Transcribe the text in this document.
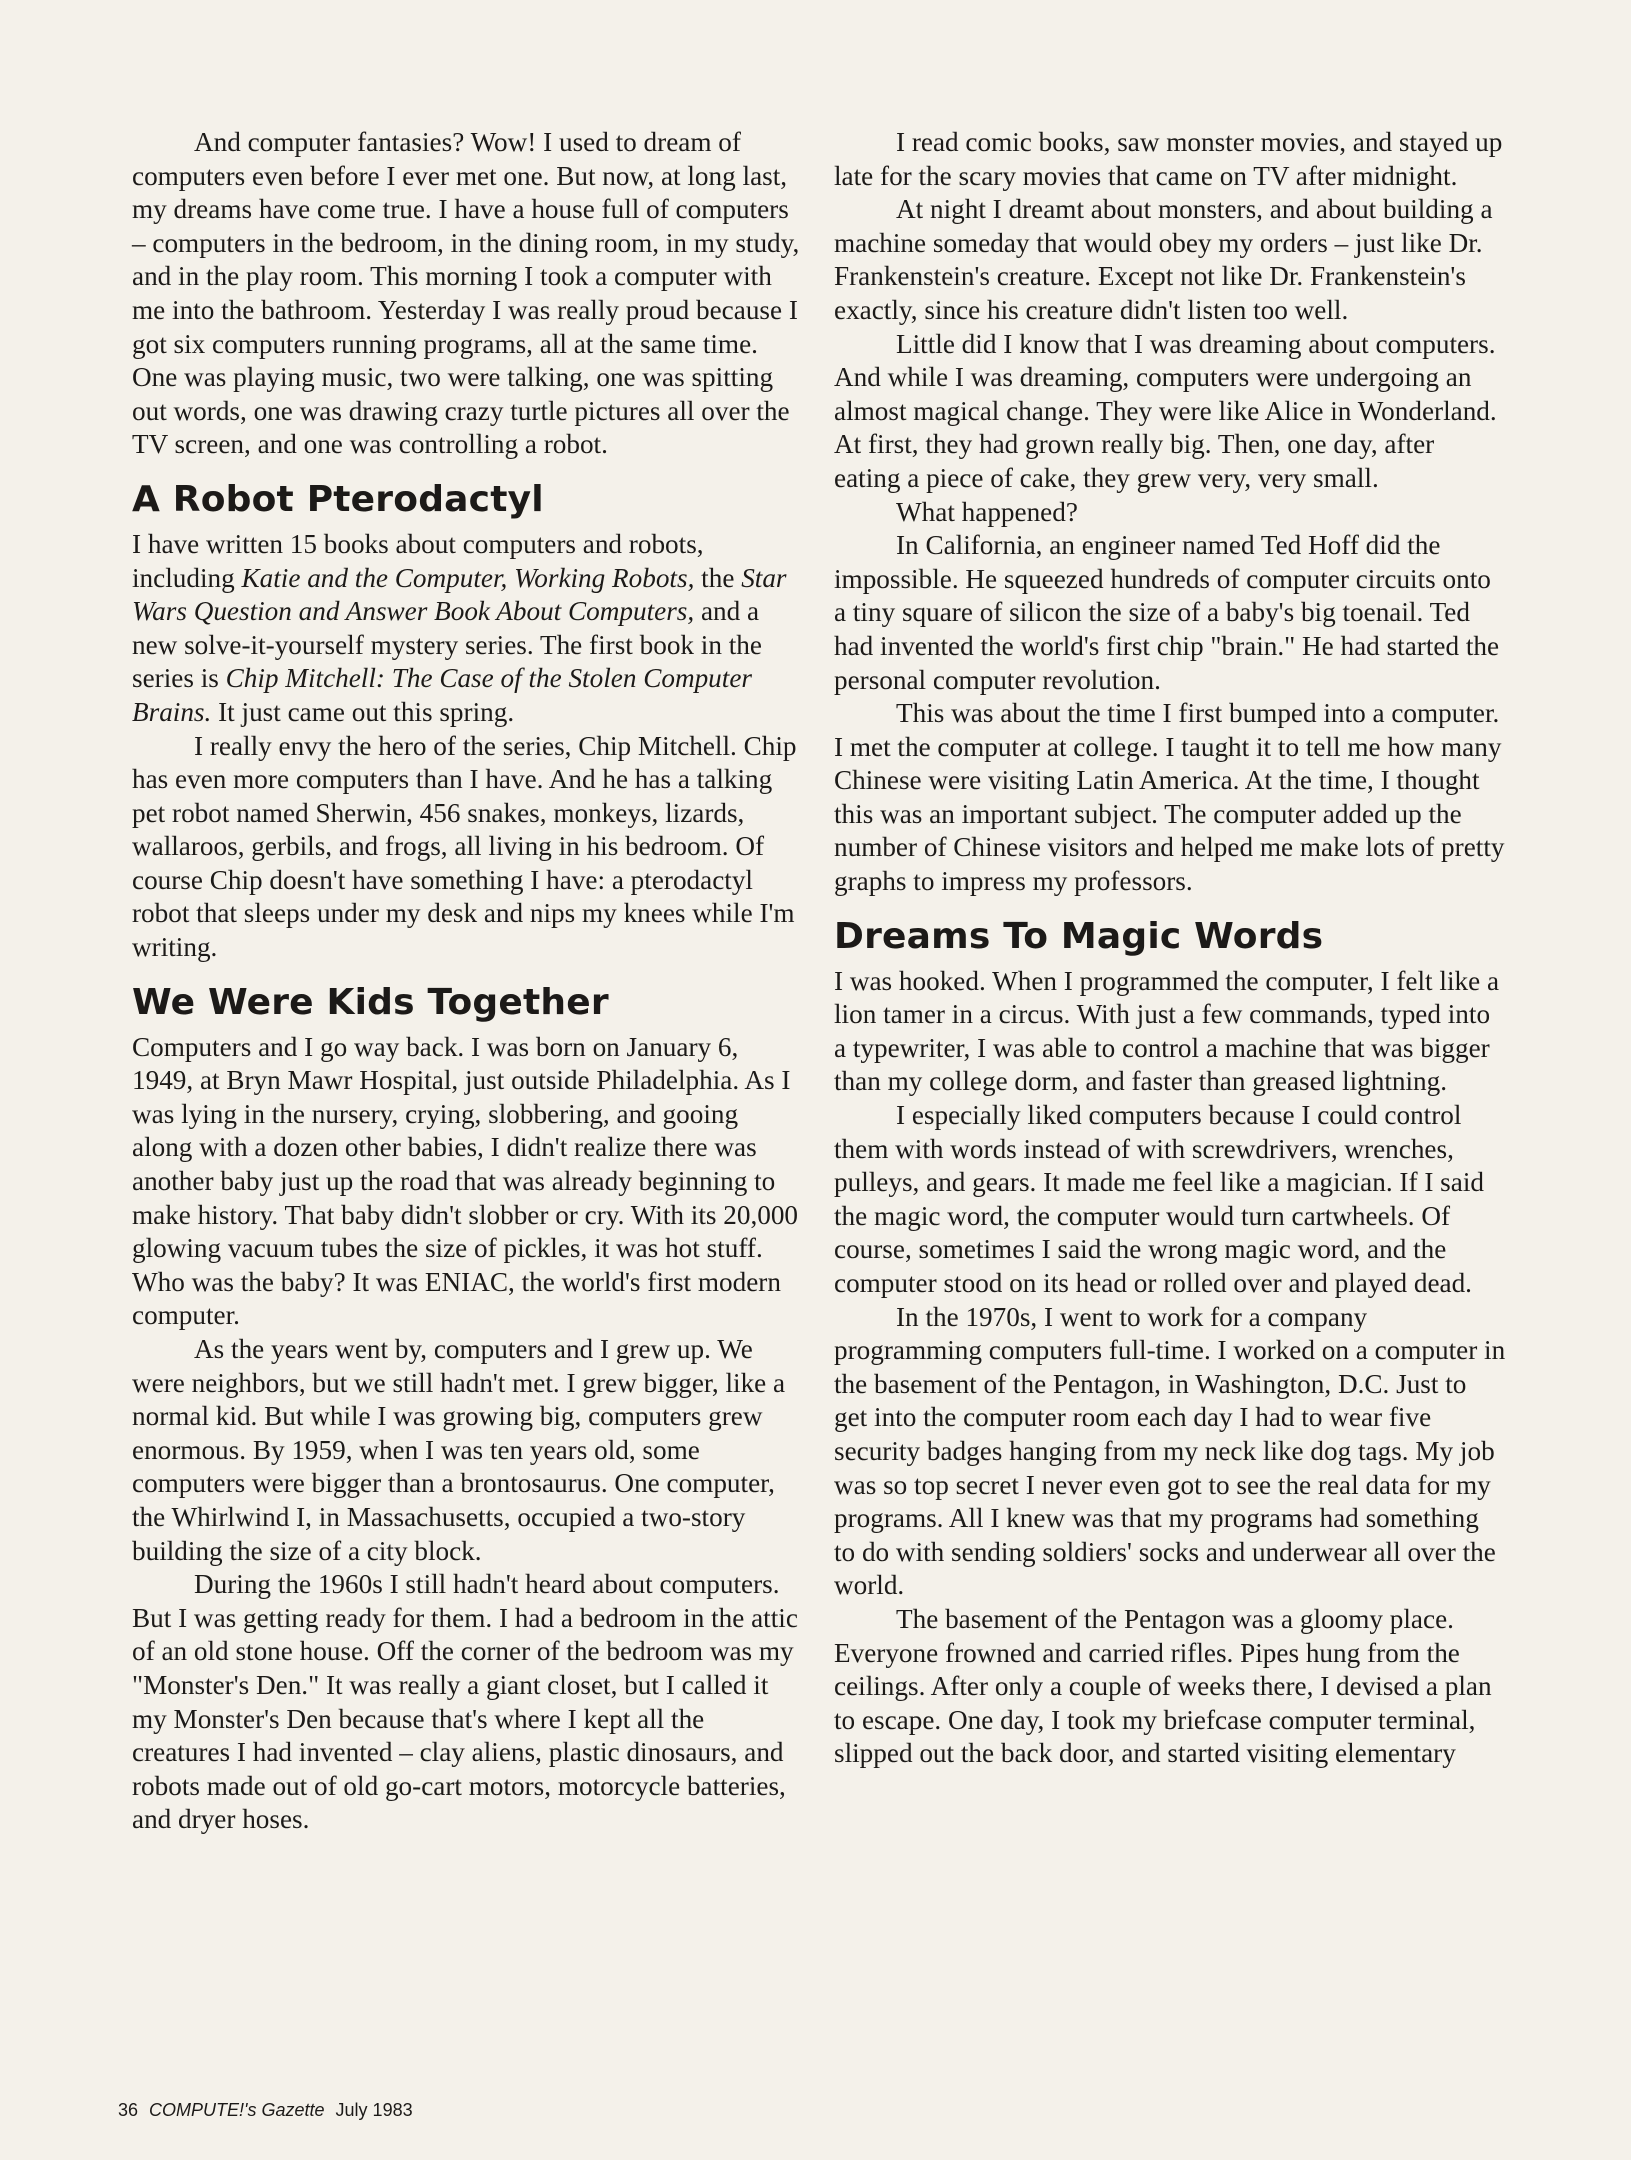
And computer fantasies? Wow! I used to dream of computers even before I ever met one. But now, at long last, my dreams have come true. I have a house full of computers – computers in the bedroom, in the dining room, in my study, and in the play room. This morning I took a computer with me into the bathroom. Yesterday I was really proud because I got six computers running programs, all at the same time. One was playing music, two were talking, one was spitting out words, one was drawing crazy turtle pictures all over the TV screen, and one was controlling a robot.

A Robot Pterodactyl

I have written 15 books about computers and robots, including Katie and the Computer, Working Robots, the Star Wars Question and Answer Book About Computers, and a new solve-it-yourself mystery series. The first book in the series is Chip Mitchell: The Case of the Stolen Computer Brains. It just came out this spring.

I really envy the hero of the series, Chip Mitchell. Chip has even more computers than I have. And he has a talking pet robot named Sherwin, 456 snakes, monkeys, lizards, wallaroos, gerbils, and frogs, all living in his bedroom. Of course Chip doesn't have something I have: a pterodactyl robot that sleeps under my desk and nips my knees while I'm writing.

We Were Kids Together

Computers and I go way back. I was born on January 6, 1949, at Bryn Mawr Hospital, just outside Philadelphia. As I was lying in the nursery, crying, slobbering, and gooing along with a dozen other babies, I didn't realize there was another baby just up the road that was already beginning to make history. That baby didn't slobber or cry. With its 20,000 glowing vacuum tubes the size of pickles, it was hot stuff. Who was the baby? It was ENIAC, the world's first modern computer.

As the years went by, computers and I grew up. We were neighbors, but we still hadn't met. I grew bigger, like a normal kid. But while I was growing big, computers grew enormous. By 1959, when I was ten years old, some computers were bigger than a brontosaurus. One computer, the Whirlwind I, in Massachusetts, occupied a two-story building the size of a city block.

During the 1960s I still hadn't heard about computers. But I was getting ready for them. I had a bedroom in the attic of an old stone house. Off the corner of the bedroom was my "Monster's Den." It was really a giant closet, but I called it my Monster's Den because that's where I kept all the creatures I had invented – clay aliens, plastic dinosaurs, and robots made out of old go-cart motors, motorcycle batteries, and dryer hoses.

I read comic books, saw monster movies, and stayed up late for the scary movies that came on TV after midnight.

At night I dreamt about monsters, and about building a machine someday that would obey my orders – just like Dr. Frankenstein's creature. Except not like Dr. Frankenstein's exactly, since his creature didn't listen too well.

Little did I know that I was dreaming about computers. And while I was dreaming, computers were undergoing an almost magical change. They were like Alice in Wonderland. At first, they had grown really big. Then, one day, after eating a piece of cake, they grew very, very small.

What happened?

In California, an engineer named Ted Hoff did the impossible. He squeezed hundreds of computer circuits onto a tiny square of silicon the size of a baby's big toenail. Ted had invented the world's first chip "brain." He had started the personal computer revolution.

This was about the time I first bumped into a computer. I met the computer at college. I taught it to tell me how many Chinese were visiting Latin America. At the time, I thought this was an important subject. The computer added up the number of Chinese visitors and helped me make lots of pretty graphs to impress my professors.

Dreams To Magic Words

I was hooked. When I programmed the computer, I felt like a lion tamer in a circus. With just a few commands, typed into a typewriter, I was able to control a machine that was bigger than my college dorm, and faster than greased lightning.

I especially liked computers because I could control them with words instead of with screwdrivers, wrenches, pulleys, and gears. It made me feel like a magician. If I said the magic word, the computer would turn cartwheels. Of course, sometimes I said the wrong magic word, and the computer stood on its head or rolled over and played dead.

In the 1970s, I went to work for a company programming computers full-time. I worked on a computer in the basement of the Pentagon, in Washington, D.C. Just to get into the computer room each day I had to wear five security badges hanging from my neck like dog tags. My job was so top secret I never even got to see the real data for my programs. All I knew was that my programs had something to do with sending soldiers' socks and underwear all over the world.

The basement of the Pentagon was a gloomy place. Everyone frowned and carried rifles. Pipes hung from the ceilings. After only a couple of weeks there, I devised a plan to escape. One day, I took my briefcase computer terminal, slipped out the back door, and started visiting elementary

36 COMPUTE!'s Gazette July 1983
